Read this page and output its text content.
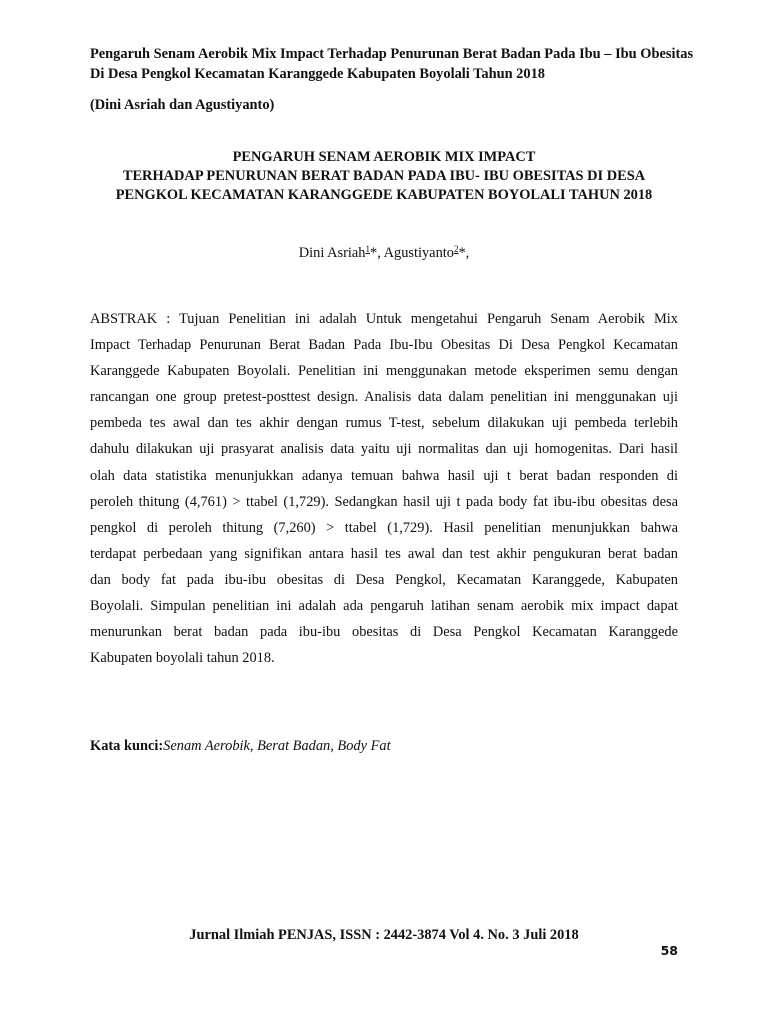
Pengaruh Senam Aerobik Mix Impact Terhadap Penurunan Berat Badan Pada Ibu – Ibu Obesitas
Di Desa Pengkol Kecamatan Karanggede Kabupaten Boyolali Tahun 2018
(Dini Asriah dan Agustiyanto)
PENGARUH SENAM AEROBIK MIX IMPACT
TERHADAP PENURUNAN BERAT BADAN PADA IBU- IBU OBESITAS DI DESA
PENGKOL KECAMATAN KARANGGEDE KABUPATEN BOYOLALI TAHUN 2018
Dini Asriah$^1$*, Agustiyanto$^2$*,
ABSTRAK : Tujuan Penelitian ini adalah Untuk mengetahui Pengaruh Senam Aerobik Mix
Impact Terhadap Penurunan Berat Badan Pada Ibu-Ibu Obesitas Di Desa Pengkol Kecamatan
Karanggede Kabupaten Boyolali. Penelitian ini menggunakan metode eksperimen semu dengan
rancangan one group pretest-posttest design. Analisis data dalam penelitian ini menggunakan uji
pembeda tes awal dan tes akhir dengan rumus T-test, sebelum dilakukan uji pembeda terlebih
dahulu dilakukan uji prasyarat analisis data yaitu uji normalitas dan uji homogenitas. Dari hasil
olah data statistika menunjukkan adanya temuan bahwa hasil uji t berat badan responden di
peroleh thitung (4,761) > ttabel (1,729). Sedangkan hasil uji t pada body fat ibu-ibu obesitas desa
pengkol di peroleh thitung (7,260) > ttabel (1,729). Hasil penelitian menunjukkan bahwa
terdapat perbedaan yang signifikan antara hasil tes awal dan test akhir pengukuran berat badan
dan body fat pada ibu-ibu obesitas di Desa Pengkol, Kecamatan Karanggede, Kabupaten
Boyolali. Simpulan penelitian ini adalah ada pengaruh latihan senam aerobik mix impact dapat
menurunkan berat badan pada ibu-ibu obesitas di Desa Pengkol Kecamatan Karanggede
Kabupaten boyolali tahun 2018.
Kata kunci:Senam Aerobik, Berat Badan, Body Fat
Jurnal Ilmiah PENJAS, ISSN : 2442-3874 Vol 4. No. 3 Juli 2018
58
